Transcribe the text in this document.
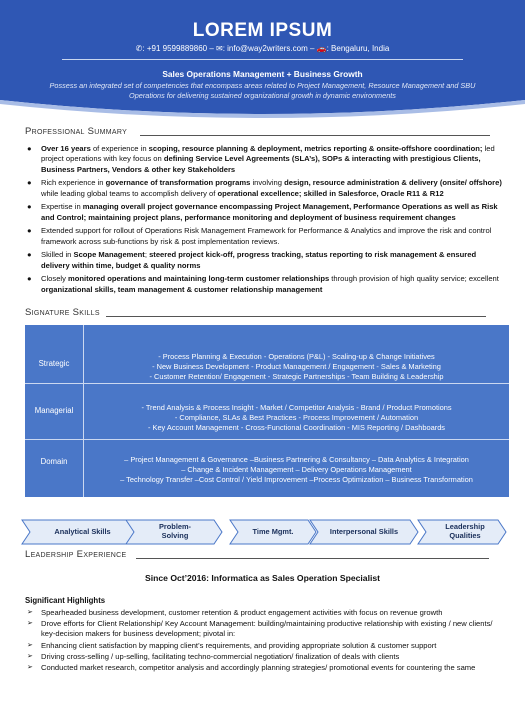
LOREM IPSUM
✆: +91 9599889860 – ✉: info@way2writers.com – 🚗: Bengaluru, India
Sales Operations Management + Business Growth
Possess an integrated set of competencies that encompass areas related to Project Management, Resource Management and SBU Operations for delivering sustained organizational growth in dynamic environments
Professional Summary
● Over 16 years of experience in scoping, resource planning & deployment, metrics reporting & onsite-offshore coordination; led project operations with key focus on defining Service Level Agreements (SLA’s), SOPs & interacting with prestigious Clients, Business Partners, Vendors & other key Stakeholders
● Rich experience in governance of transformation programs involving design, resource administration & delivery (onsite/ offshore) while leading global teams to accomplish delivery of operational excellence; skilled in Salesforce, Oracle R11 & R12
● Expertise in managing overall project governance encompassing Project Management, Performance Operations as well as Risk and Control; maintaining project plans, performance monitoring and deployment of business requirement changes
● Extended support for rollout of Operations Risk Management Framework for Performance & Analytics and improve the risk and control framework across sub-functions by risk & post implementation reviews.
● Skilled in Scope Management; steered project kick-off, progress tracking, status reporting to risk management & ensured delivery within time, budget & quality norms
● Closely monitored operations and maintaining long-term customer relationships through provision of high quality service; excellent organizational skills, team management & customer relationship management
Signature Skills
Strategic
- Process Planning & Execution - Operations (P&L) - Scaling-up & Change Initiatives
- New Business Development - Product Management / Engagement - Sales & Marketing
- Customer Retention/ Engagement - Strategic Partnerships - Team Building & Leadership
Managerial	- Trend Analysis & Process Insight - Market / Competitor Analysis - Brand / Product Promotions
- Compliance, SLAs & Best Practices - Process Improvement / Automation
- Key Account Management - Cross-Functional Coordination - MIS Reporting / Dashboards
Domain	– Project Management & Governance –Business Partnering & Consultancy – Data Analytics & Integration
– Change & Incident Management – Delivery Operations Management
– Technology Transfer –Cost Control / Yield Improvement –Process Optimization – Business Transformation
Analytical Skills	Problem-
Solving	Time Mgmt.	Interpersonal Skills	Leadership
Qualities
Leadership Experience
Since Oct’2016: Informatica as Sales Operation Specialist
Significant Highlights
➢ Spearheaded business development, customer retention & product engagement activities with focus on revenue growth
➢ Drove efforts for Client Relationship/ Key Account Management: building/maintaining productive relationship with existing / new clients/ key-decision makers for business development; pivotal in:
➢ Enhancing client satisfaction by mapping client’s requirements, and providing appropriate solution & customer support
➢ Driving cross-selling / up-selling, facilitating techno-commercial negotiation/ finalization of deals with clients
➢ Conducted market research, competitor analysis and accordingly planning strategies/ promotional events for countering the same
